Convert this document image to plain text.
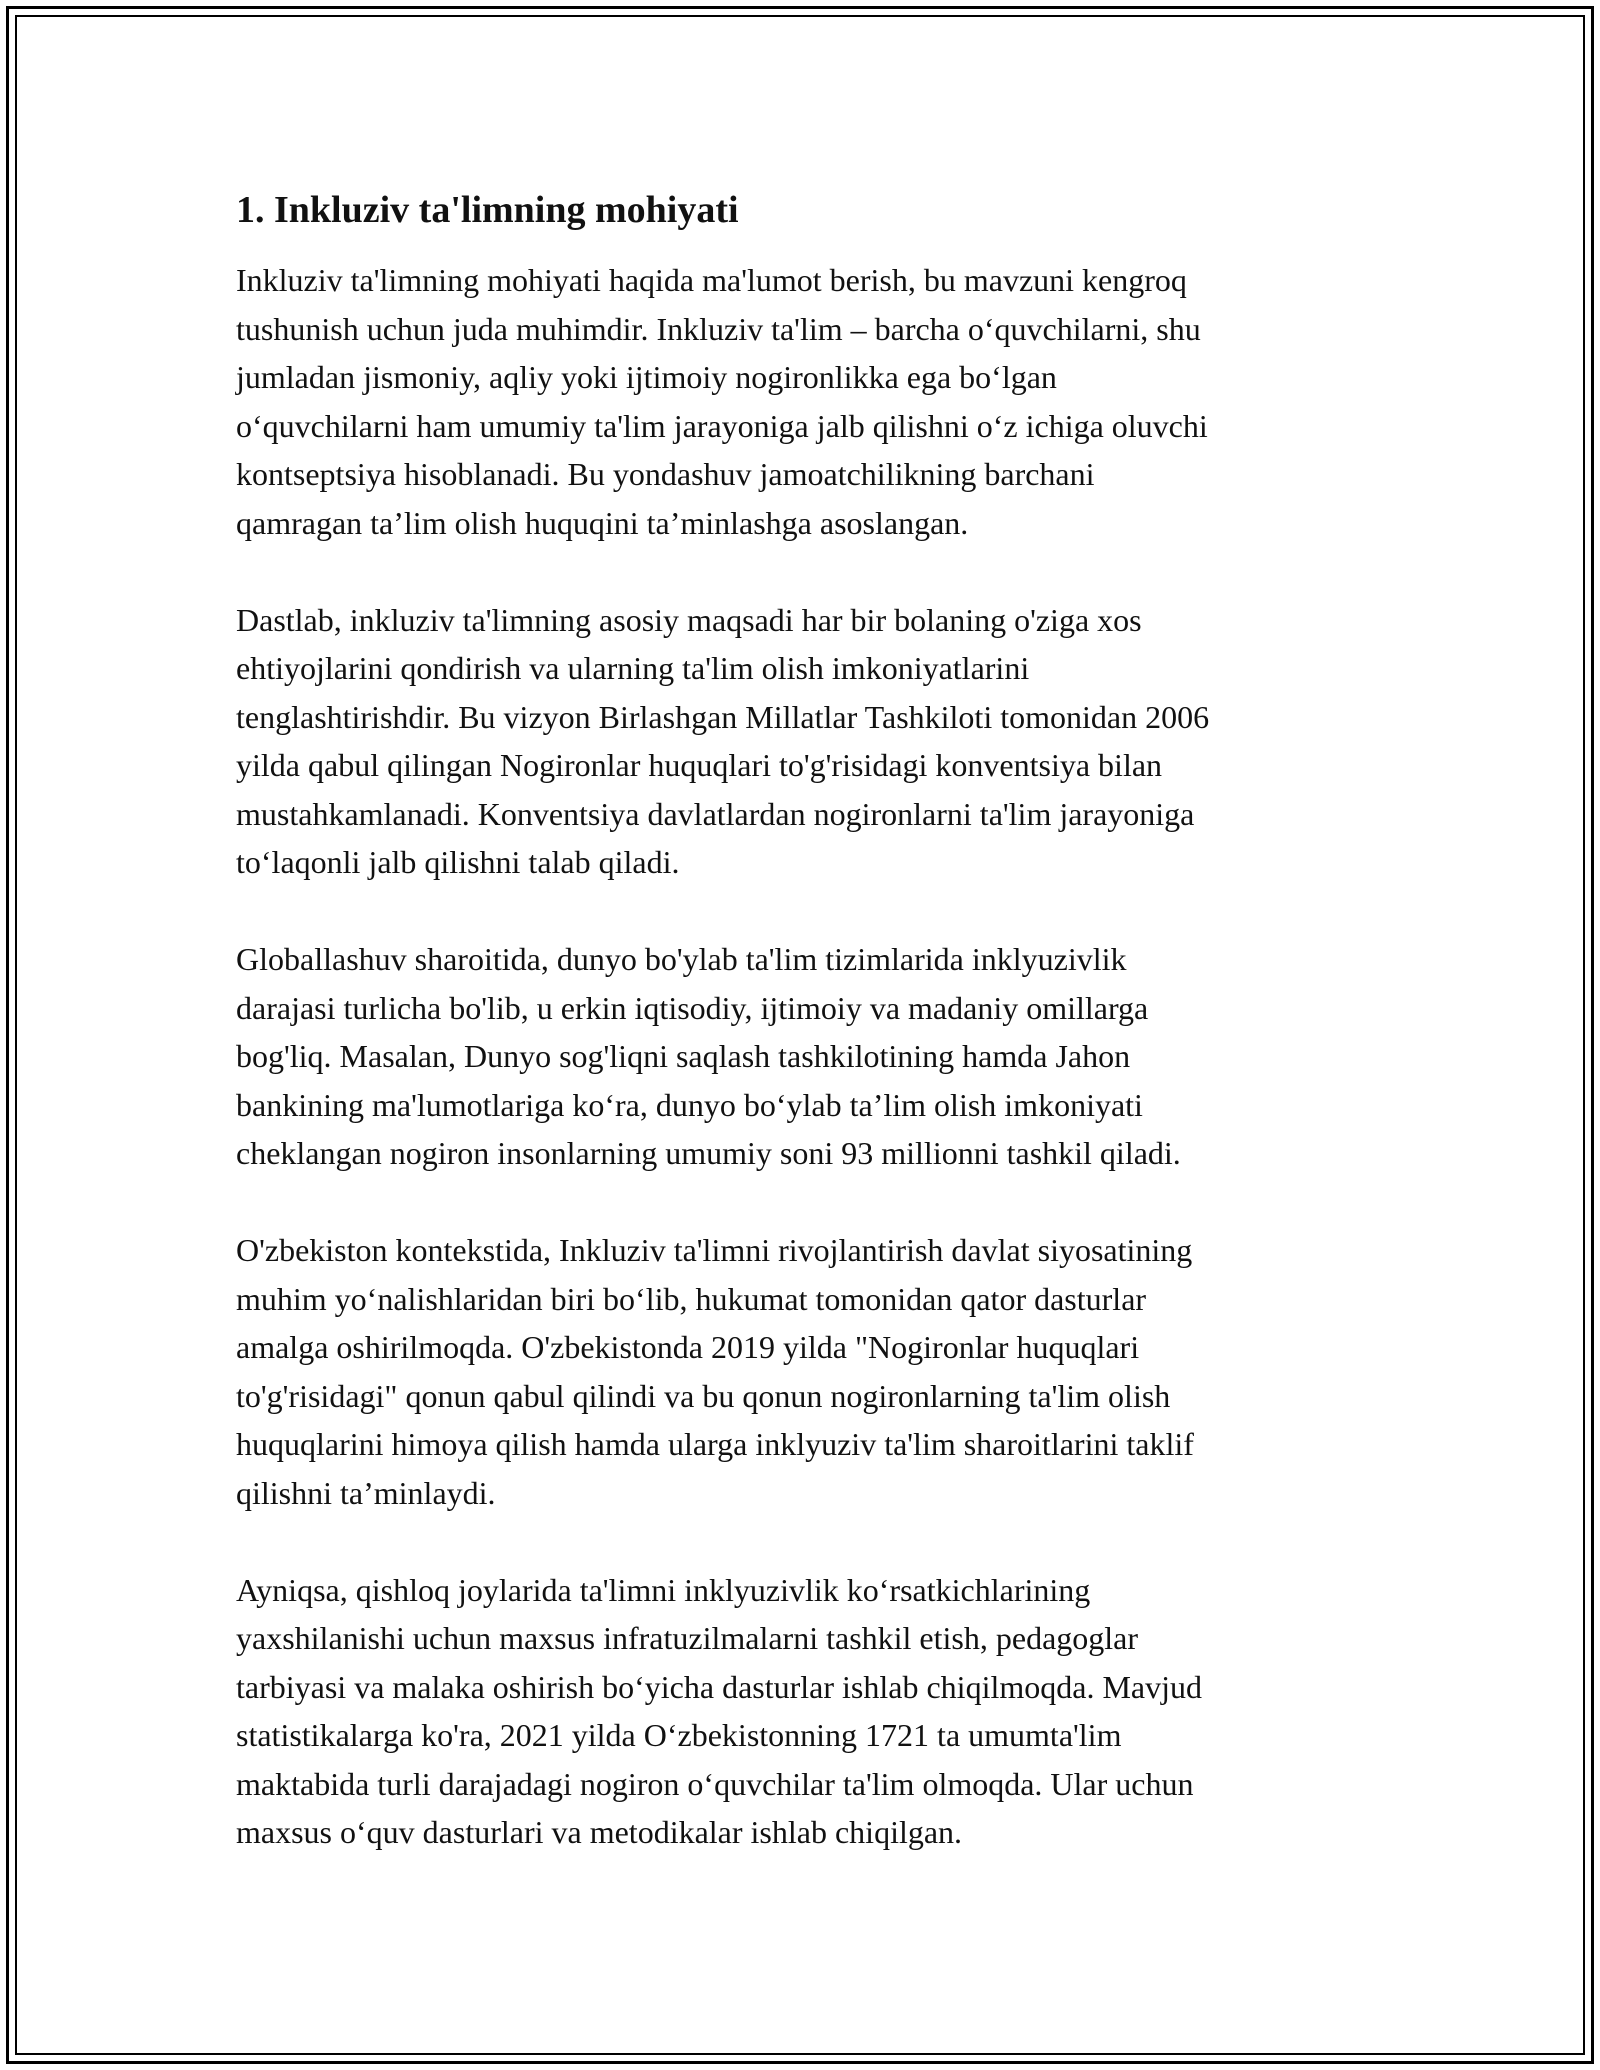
1. Inkluziv ta'limning mohiyati

Inkluziv ta'limning mohiyati haqida ma'lumot berish, bu mavzuni kengroq
tushunish uchun juda muhimdir. Inkluziv ta'lim – barcha o‘quvchilarni, shu
jumladan jismoniy, aqliy yoki ijtimoiy nogironlikka ega bo‘lgan
o‘quvchilarni ham umumiy ta'lim jarayoniga jalb qilishni o‘z ichiga oluvchi
kontseptsiya hisoblanadi. Bu yondashuv jamoatchilikning barchani
qamragan ta’lim olish huquqini ta’minlashga asoslangan.

Dastlab, inkluziv ta'limning asosiy maqsadi har bir bolaning o'ziga xos
ehtiyojlarini qondirish va ularning ta'lim olish imkoniyatlarini
tenglashtirishdir. Bu vizyon Birlashgan Millatlar Tashkiloti tomonidan 2006
yilda qabul qilingan Nogironlar huquqlari to'g'risidagi konventsiya bilan
mustahkamlanadi. Konventsiya davlatlardan nogironlarni ta'lim jarayoniga
to‘laqonli jalb qilishni talab qiladi.

Globallashuv sharoitida, dunyo bo'ylab ta'lim tizimlarida inklyuzivlik
darajasi turlicha bo'lib, u erkin iqtisodiy, ijtimoiy va madaniy omillarga
bog'liq. Masalan, Dunyo sog'liqni saqlash tashkilotining hamda Jahon
bankining ma'lumotlariga ko‘ra, dunyo bo‘ylab ta’lim olish imkoniyati
cheklangan nogiron insonlarning umumiy soni 93 millionni tashkil qiladi.

O'zbekiston kontekstida, Inkluziv ta'limni rivojlantirish davlat siyosatining
muhim yo‘nalishlaridan biri bo‘lib, hukumat tomonidan qator dasturlar
amalga oshirilmoqda. O'zbekistonda 2019 yilda "Nogironlar huquqlari
to'g'risidagi" qonun qabul qilindi va bu qonun nogironlarning ta'lim olish
huquqlarini himoya qilish hamda ularga inklyuziv ta'lim sharoitlarini taklif
qilishni ta’minlaydi.

Ayniqsa, qishloq joylarida ta'limni inklyuzivlik ko‘rsatkichlarining
yaxshilanishi uchun maxsus infratuzilmalarni tashkil etish, pedagoglar
tarbiyasi va malaka oshirish bo‘yicha dasturlar ishlab chiqilmoqda. Mavjud
statistikalarga ko'ra, 2021 yilda O‘zbekistonning 1721 ta umumta'lim
maktabida turli darajadagi nogiron o‘quvchilar ta'lim olmoqda. Ular uchun
maxsus o‘quv dasturlari va metodikalar ishlab chiqilgan.
